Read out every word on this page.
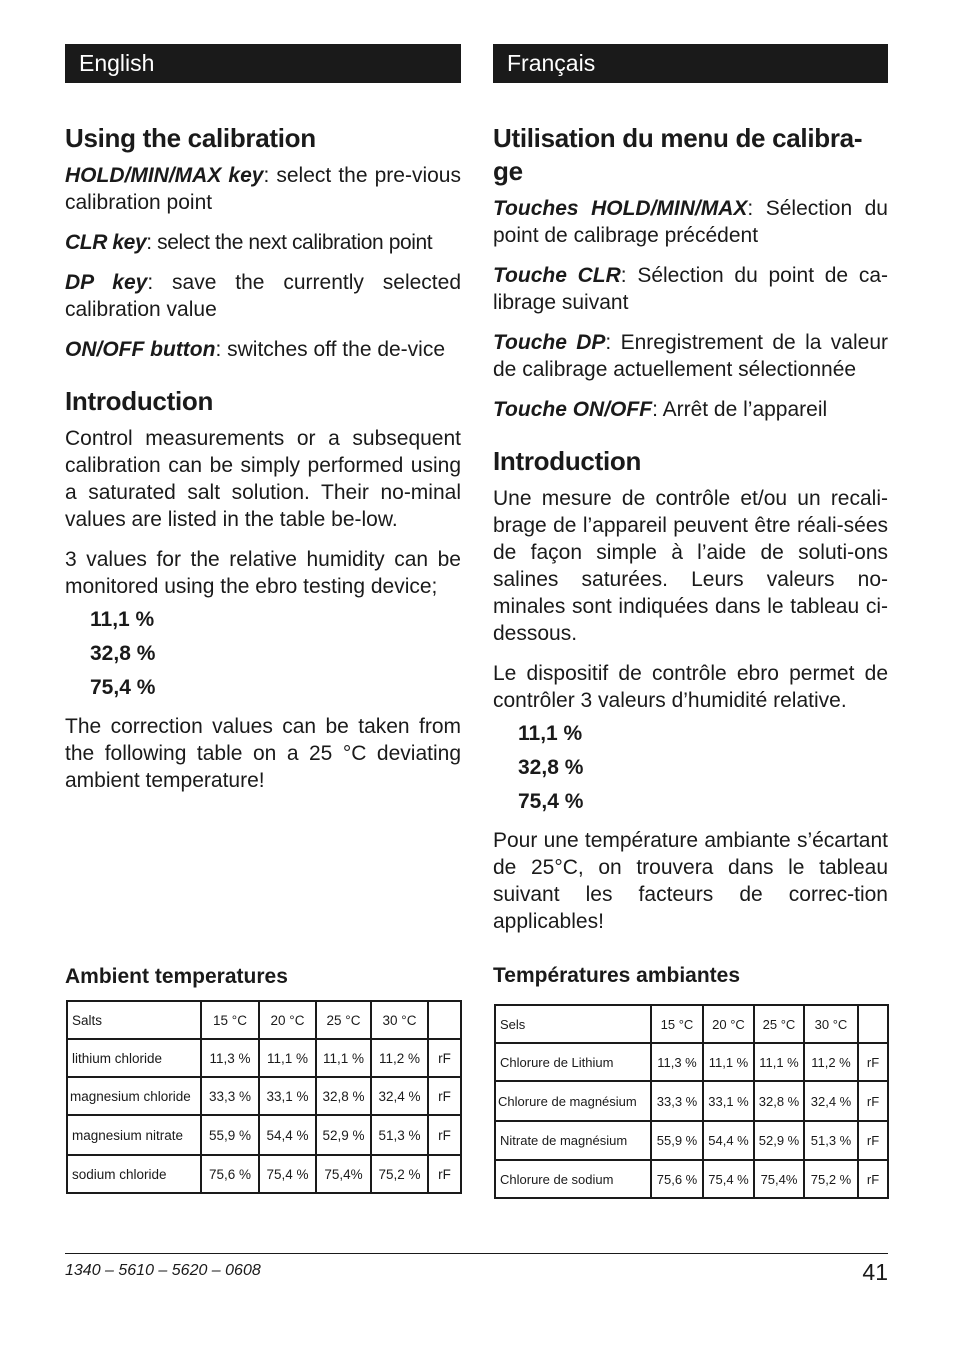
English
Using the calibration

HOLD/MIN/MAX key: select the pre-vious calibration point

CLR key: select the next calibration point

DP key: save the currently selected calibration value

ON/OFF button: switches off the de-vice

Introduction

Control measurements or a subsequent calibration can be simply performed using a saturated salt solution. Their no-minal values are listed in the table be-low.

3 values for the relative humidity can be monitored using the ebro testing device;

11,1 %
32,8 %
75,4 %

The correction values can be taken from the following table on a 25 °C deviating ambient temperature!

Ambient temperatures
Salts	15 °C	20 °C	25 °C	30 °C	
lithium chloride	11,3 %	11,1 %	11,1 %	11,2 %	rF
magnesium chloride	33,3 %	33,1 %	32,8 %	32,4 %	rF
magnesium nitrate	55,9 %	54,4 %	52,9 %	51,3 %	rF
sodium chloride	75,6 %	75,4 %	75,4%	75,2 %	rF
Français
Utilisation du menu de calibra-
ge

Touches HOLD/MIN/MAX: Sélection du point de calibrage précédent

Touche CLR: Sélection du point de ca-librage suivant

Touche DP: Enregistrement de la valeur de calibrage actuellement sélectionnée

Touche ON/OFF: Arrêt de l’appareil

Introduction

Une mesure de contrôle et/ou un recali-brage de l’appareil peuvent être réali-sées de façon simple à l’aide de soluti-ons salines saturées. Leurs valeurs no-minales sont indiquées dans le tableau ci-dessous.

Le dispositif de contrôle ebro permet de contrôler 3 valeurs d’humidité relative.

11,1 %
32,8 %
75,4 %

Pour une température ambiante s’écartant de 25°C, on trouvera dans le tableau suivant les facteurs de correc-tion applicables!

Températures ambiantes
Sels	15 °C	20 °C	25 °C	30 °C	
Chlorure de Lithium	11,3 %	11,1 %	11,1 %	11,2 %	rF
Chlorure de magnésium	33,3 %	33,1 %	32,8 %	32,4 %	rF
Nitrate de magnésium	55,9 %	54,4 %	52,9 %	51,3 %	rF
Chlorure de sodium	75,6 %	75,4 %	75,4%	75,2 %	rF
1340 – 5610 – 5620 – 0608	41
